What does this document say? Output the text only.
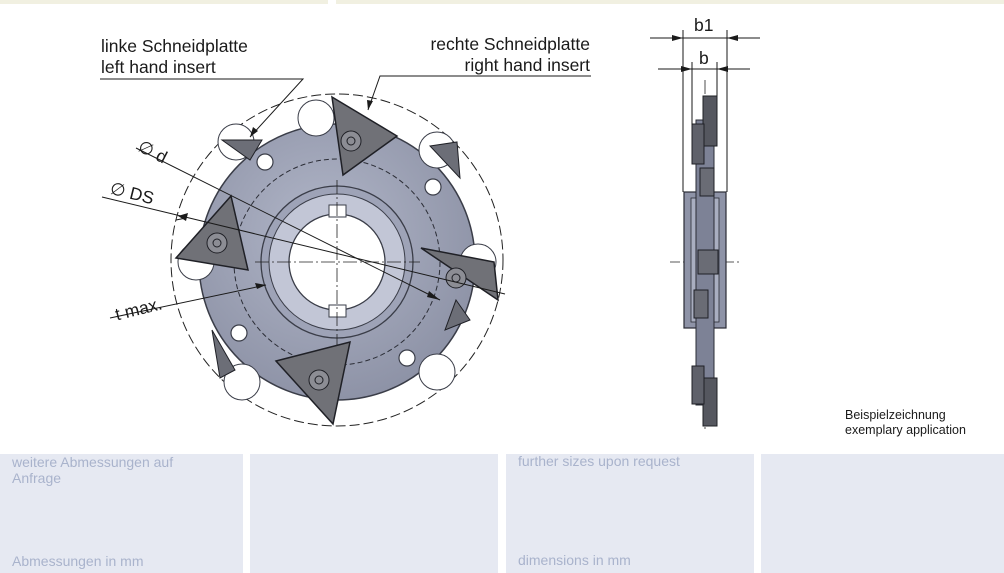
linke Schneidplatte
left hand insert
rechte Schneidplatte
right hand insert
∅ d
∅ DS
t max.
b1
b
Beispielzeichnung
exemplary application
weitere Abmessungen auf Anfrage
Abmessungen in mm
further sizes upon request
dimensions in mm
